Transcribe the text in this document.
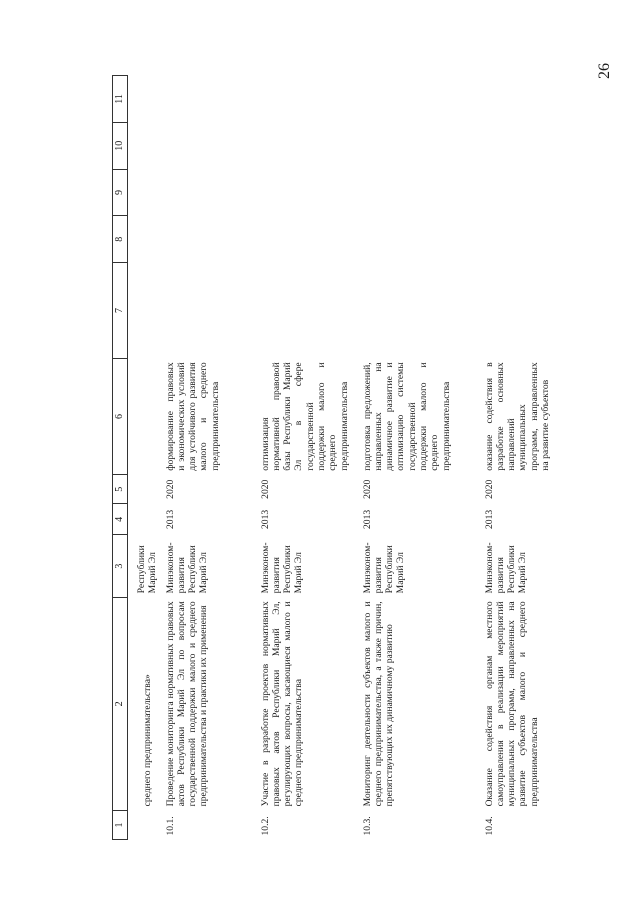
26
1	2	3	4	5	6	7	8	9	10	11
	среднего предпринимательства»	Республики Марий Эл								
10.1.	Проведение мониторинга нормативных правовых актов Республики Марий Эл по вопросам государственной поддержки малого и среднего предпринимательства и практики их применения	Минэконом-развития Республики Марий Эл	2013	2020	формирование правовых и экономических условий для устойчивого развития малого и среднего предпринимательства					
10.2.	Участие в разработке проектов нормативных правовых актов Республики Марий Эл, регулирующих вопросы, касающиеся малого и среднего предпринимательства	Минэконом-развития Республики Марий Эл	2013	2020	оптимизация нормативной правовой базы Республики Марий Эл в сфере государственной поддержки малого и среднего предпринимательства					
10.3.	Мониторинг деятельности субъектов малого и среднего предпринимательства, а также причин, препятствующих их динамичному развитию	Минэконом-развития Республики Марий Эл	2013	2020	подготовка предложений, направленных на динамичное развитие и оптимизацию системы государственной поддержки малого и среднего предпринимательства					
10.4.	Оказание содействия органам местного самоуправления в реализации мероприятий муниципальных программ, направленных на развитие субъектов малого и среднего предпринимательства	Минэконом-развития Республики Марий Эл	2013	2020	оказание содействия в разработке основных направлений муниципальных программ, направленных на развитие субъектов					
